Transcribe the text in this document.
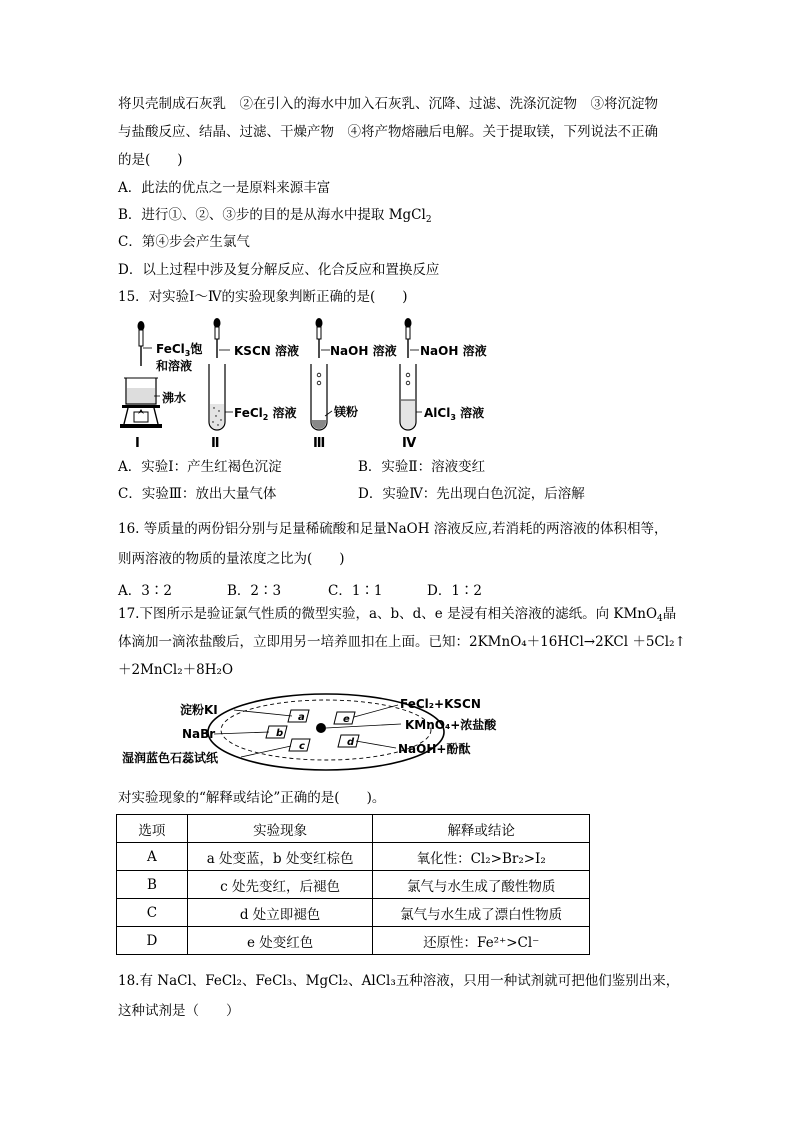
将贝壳制成石灰乳　②在引入的海水中加入石灰乳、沉降、过滤、洗涤沉淀物　③将沉淀物
与盐酸反应、结晶、过滤、干燥产物　④将产物熔融后电解。关于提取镁，下列说法不正确
的是(　　)
A．此法的优点之一是原料来源丰富
B．进行①、②、③步的目的是从海水中提取 MgCl$_2$
C．第④步会产生氯气
D．以上过程中涉及复分解反应、化合反应和置换反应
15．对实验Ⅰ～Ⅳ的实验现象判断正确的是(　　)
FeCl$_3$饱
和溶液
沸水
Ⅰ
KSCN 溶液
FeCl$_2$ 溶液
Ⅱ
NaOH 溶液
镁粉
Ⅲ
NaOH 溶液
AlCl$_3$ 溶液
Ⅳ
A．实验Ⅰ：产生红褐色沉淀	B．实验Ⅱ：溶液变红
C．实验Ⅲ：放出大量气体	D．实验Ⅳ：先出现白色沉淀，后溶解
16. 等质量的两份铝分别与足量稀硫酸和足量NaOH 溶液反应,若消耗的两溶液的体积相等，
则两溶液的物质的量浓度之比为(　　)
A．3∶2	B．2∶3	C．1∶1	D．1∶2
17.下图所示是验证氯气性质的微型实验，a、b、d、e 是浸有相关溶液的滤纸。向 KMnO$_4$晶
体滴加一滴浓盐酸后，立即用另一培养皿扣在上面。已知：2KMnO₄＋16HCl→2KCl ＋5Cl₂↑
＋2MnCl₂＋8H₂O
a
b
c	d
e
淀粉KI
NaBr
湿润蓝色石蕊试纸
FeCl₂+KSCN
KMnO₄+浓盐酸
NaOH+酚酞
对实验现象的“解释或结论”正确的是(　　)。
选项	实验现象	解释或结论
A	a 处变蓝，b 处变红棕色	氧化性：Cl₂>Br₂>I₂
B	c 处先变红，后褪色	氯气与水生成了酸性物质
C	d 处立即褪色	氯气与水生成了漂白性物质
D	e 处变红色	还原性：Fe²⁺>Cl⁻
18.有 NaCl、FeCl₂、FeCl₃、MgCl₂、AlCl₃五种溶液，只用一种试剂就可把他们鉴别出来，
这种试剂是（　　）
